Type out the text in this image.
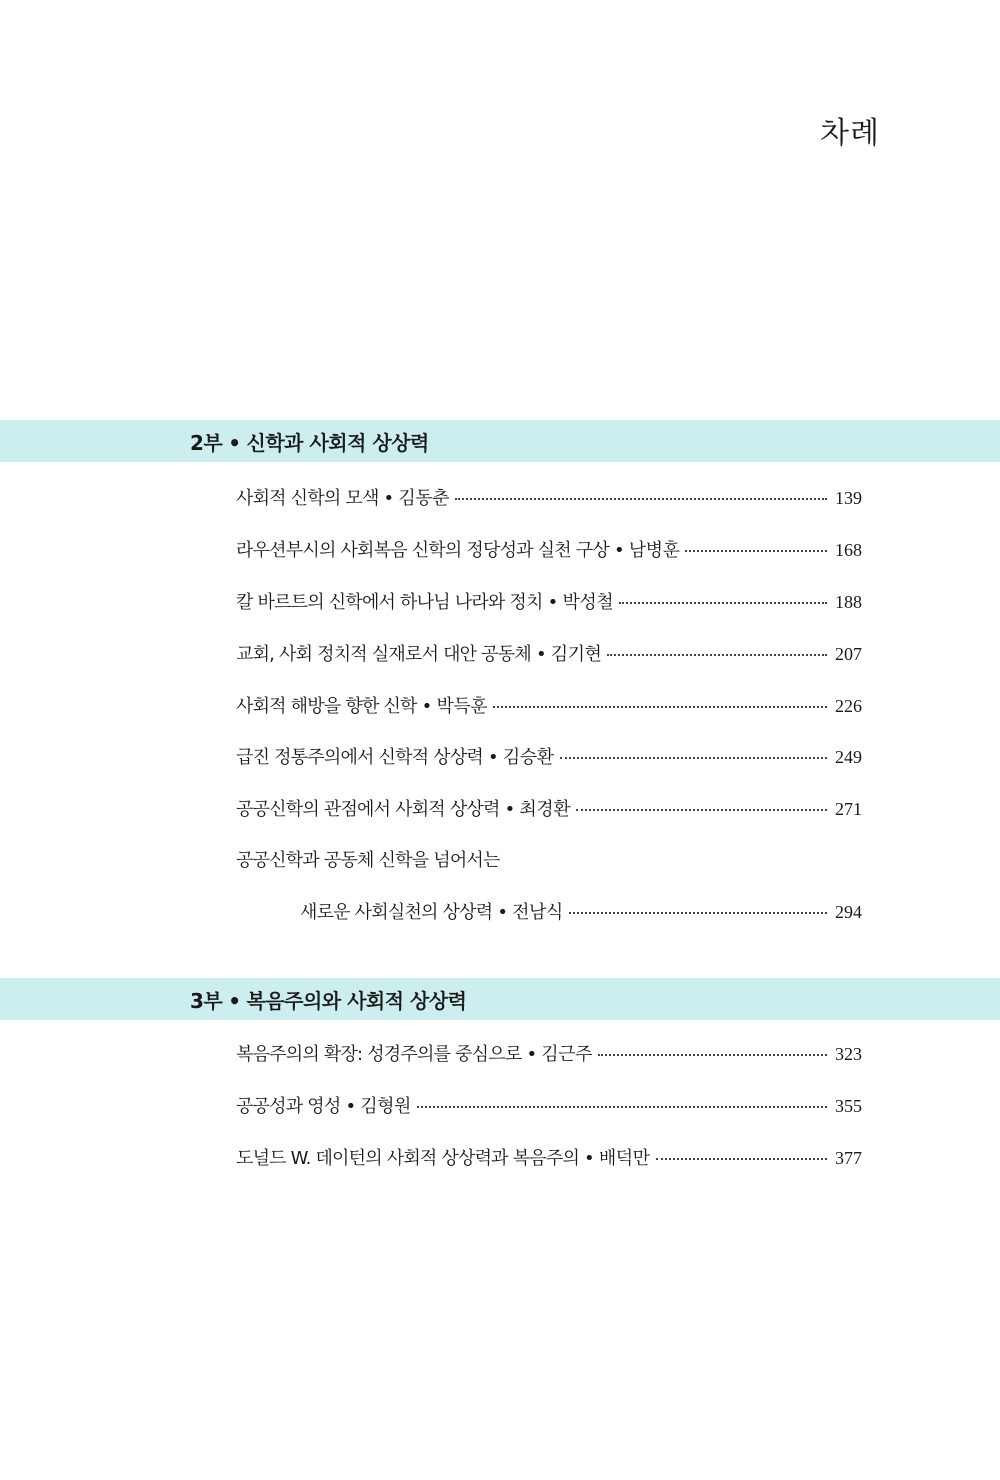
차례
2부 • 신학과 사회적 상상력
사회적 신학의 모색 • 김동춘	139
라우션부시의 사회복음 신학의 정당성과 실천 구상 • 남병훈	168
칼 바르트의 신학에서 하나님 나라와 정치 • 박성철	188
교회, 사회 정치적 실재로서 대안 공동체 • 김기현	207
사회적 해방을 향한 신학 • 박득훈	226
급진 정통주의에서 신학적 상상력 • 김승환	249
공공신학의 관점에서 사회적 상상력 • 최경환	271
공공신학과 공동체 신학을 넘어서는
새로운 사회실천의 상상력 • 전남식	294
3부 • 복음주의와 사회적 상상력
복음주의의 확장: 성경주의를 중심으로 • 김근주	323
공공성과 영성 • 김형원	355
도널드 W. 데이턴의 사회적 상상력과 복음주의 • 배덕만	377
